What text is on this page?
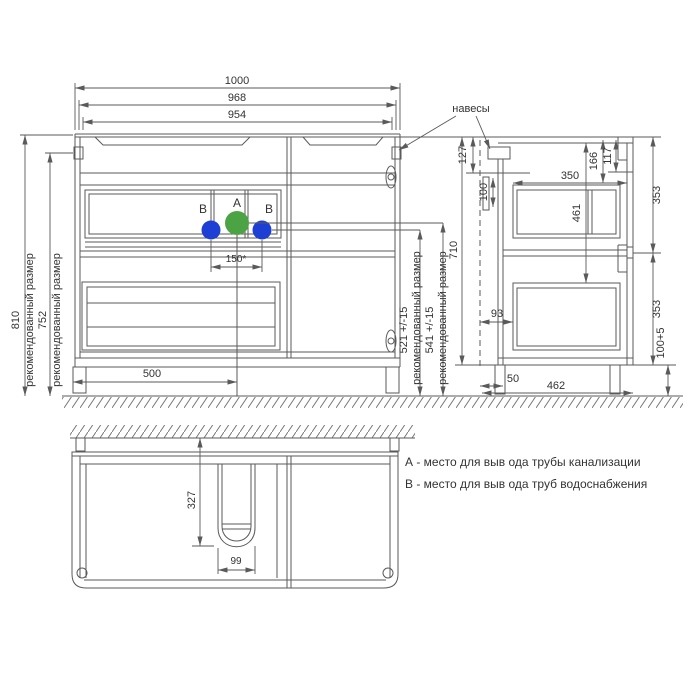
1000
968
954
810 рекомендованный размер 752 рекомендованный размер	150*
500
521 +/-15 рекомендованный размер 541 +/-15 рекомендованный размер
710
А
В	В
127
100
350
166 117
461
353
353
93
100+5
50
462
навесы
327
99
А - место для выв ода трубы канализации
В - место для выв ода труб водоснабжения
